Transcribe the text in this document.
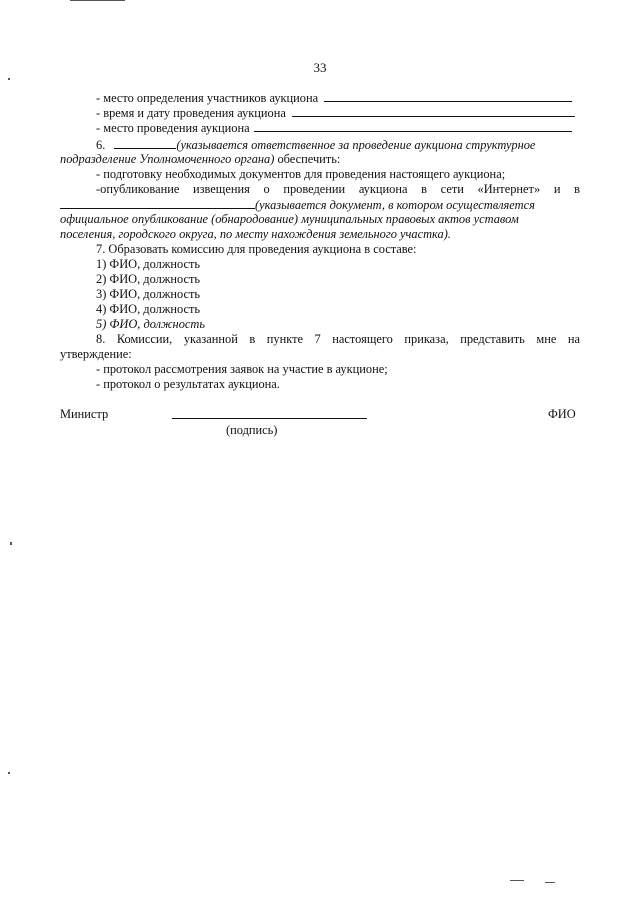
33
- место определения участников аукциона
- время и дату проведения аукциона
- место проведения аукциона
6.	(указывается ответственное за проведение аукциона структурное
подразделение Уполномоченного органа) обеспечить:
- подготовку необходимых документов для проведения настоящего аукциона;
-опубликование извещения о проведении аукциона в сети «Интернет» и в
(указывается документ, в котором осуществляется
официальное опубликование (обнародование) муниципальных правовых актов уставом
поселения, городского округа, по месту нахождения земельного участка).
7. Образовать комиссию для проведения аукциона в составе:
1) ФИО, должность
2) ФИО, должность
3) ФИО, должность
4) ФИО, должность
5) ФИО, должность
8. Комиссии, указанной в пункте 7 настоящего приказа, представить мне на
утверждение:
- протокол рассмотрения заявок на участие в аукционе;
- протокол о результатах аукциона.
Министр	ФИО
(подпись)
